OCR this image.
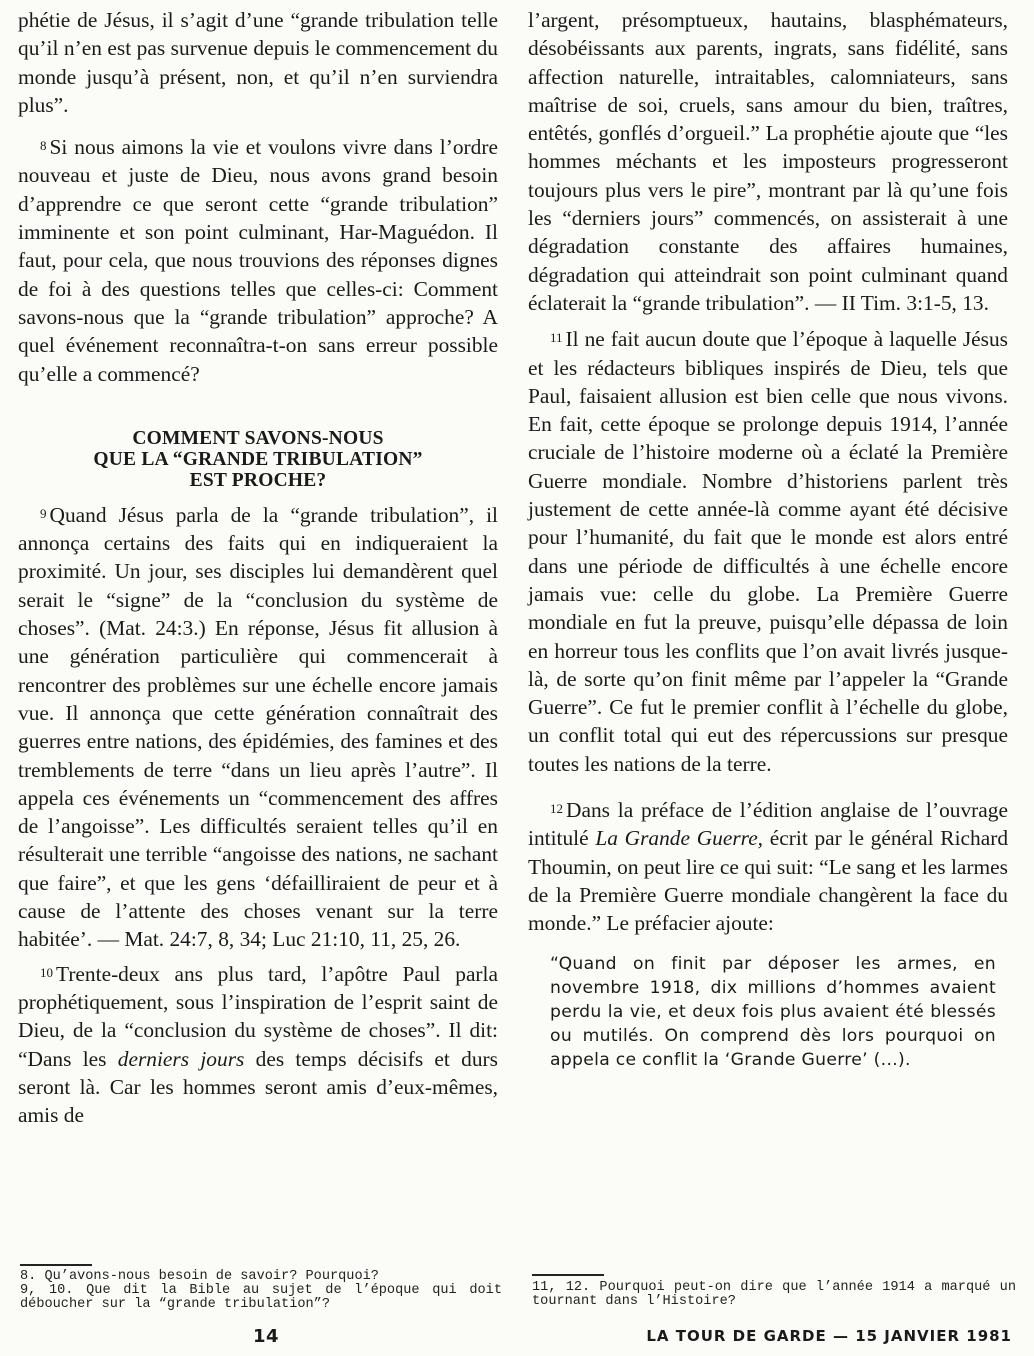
phétie de Jésus, il s’agit d’une “grande tribulation telle qu’il n’en est pas survenue depuis le commencement du monde jusqu’à présent, non, et qu’il n’en surviendra plus”.

$^8$ Si nous aimons la vie et voulons vivre dans l’ordre nouveau et juste de Dieu, nous avons grand besoin d’apprendre ce que seront cette “grande tribulation” imminente et son point culminant, Har-Maguédon. Il faut, pour cela, que nous trouvions des réponses dignes de foi à des questions telles que celles-ci: Comment savons-nous que la “grande tribulation” approche? A quel événement reconnaîtra-t-on sans erreur possible qu’elle a commencé?

COMMENT SAVONS-NOUS
QUE LA “GRANDE TRIBULATION”
EST PROCHE?

$^9$ Quand Jésus parla de la “grande tribulation”, il annonça certains des faits qui en indiqueraient la proximité. Un jour, ses disciples lui demandèrent quel serait le “signe” de la “conclusion du système de choses”. (Mat. 24:3.) En réponse, Jésus fit allusion à une génération particulière qui commencerait à rencontrer des problèmes sur une échelle encore jamais vue. Il annonça que cette génération connaîtrait des guerres entre nations, des épidémies, des famines et des tremblements de terre “dans un lieu après l’autre”. Il appela ces événements un “commencement des affres de l’angoisse”. Les difficultés seraient telles qu’il en résulterait une terrible “angoisse des nations, ne sachant que faire”, et que les gens ‘défailliraient de peur et à cause de l’attente des choses venant sur la terre habitée’. — Mat. 24:7, 8, 34; Luc 21:10, 11, 25, 26.

$^{10}$ Trente-deux ans plus tard, l’apôtre Paul parla prophétiquement, sous l’inspiration de l’esprit saint de Dieu, de la “conclusion du système de choses”. Il dit: “Dans les derniers jours des temps décisifs et durs seront là. Car les hommes seront amis d’eux-mêmes, amis de

l’argent, présomptueux, hautains, blasphémateurs, désobéissants aux parents, ingrats, sans fidélité, sans affection naturelle, intraitables, calomniateurs, sans maîtrise de soi, cruels, sans amour du bien, traîtres, entêtés, gonflés d’orgueil.” La prophétie ajoute que “les hommes méchants et les imposteurs progresseront toujours plus vers le pire”, montrant par là qu’une fois les “derniers jours” commencés, on assisterait à une dégradation constante des affaires humaines, dégradation qui atteindrait son point culminant quand éclaterait la “grande tribulation”. — II Tim. 3:1-5, 13.

$^{11}$ Il ne fait aucun doute que l’époque à laquelle Jésus et les rédacteurs bibliques inspirés de Dieu, tels que Paul, faisaient allusion est bien celle que nous vivons. En fait, cette époque se prolonge depuis 1914, l’année cruciale de l’histoire moderne où a éclaté la Première Guerre mondiale. Nombre d’historiens parlent très justement de cette année-là comme ayant été décisive pour l’humanité, du fait que le monde est alors entré dans une période de difficultés à une échelle encore jamais vue: celle du globe. La Première Guerre mondiale en fut la preuve, puisqu’elle dépassa de loin en horreur tous les conflits que l’on avait livrés jusque-là, de sorte qu’on finit même par l’appeler la “Grande Guerre”. Ce fut le premier conflit à l’échelle du globe, un conflit total qui eut des répercussions sur presque toutes les nations de la terre.

$^{12}$ Dans la préface de l’édition anglaise de l’ouvrage intitulé La Grande Guerre, écrit par le général Richard Thoumin, on peut lire ce qui suit: “Le sang et les larmes de la Première Guerre mondiale changèrent la face du monde.” Le préfacier ajoute:

“Quand on finit par déposer les armes, en novembre 1918, dix millions d’hommes avaient perdu la vie, et deux fois plus avaient été blessés ou mutilés. On comprend dès lors pourquoi on appela ce conflit la ‘Grande Guerre’ (...).
8. Qu’avons-nous besoin de savoir? Pourquoi?
9, 10. Que dit la Bible au sujet de l’époque qui doit déboucher sur la “grande tribulation”?
11, 12. Pourquoi peut-on dire que l’année 1914 a marqué un tournant dans l’Histoire?
14	LA TOUR DE GARDE — 15 JANVIER 1981
